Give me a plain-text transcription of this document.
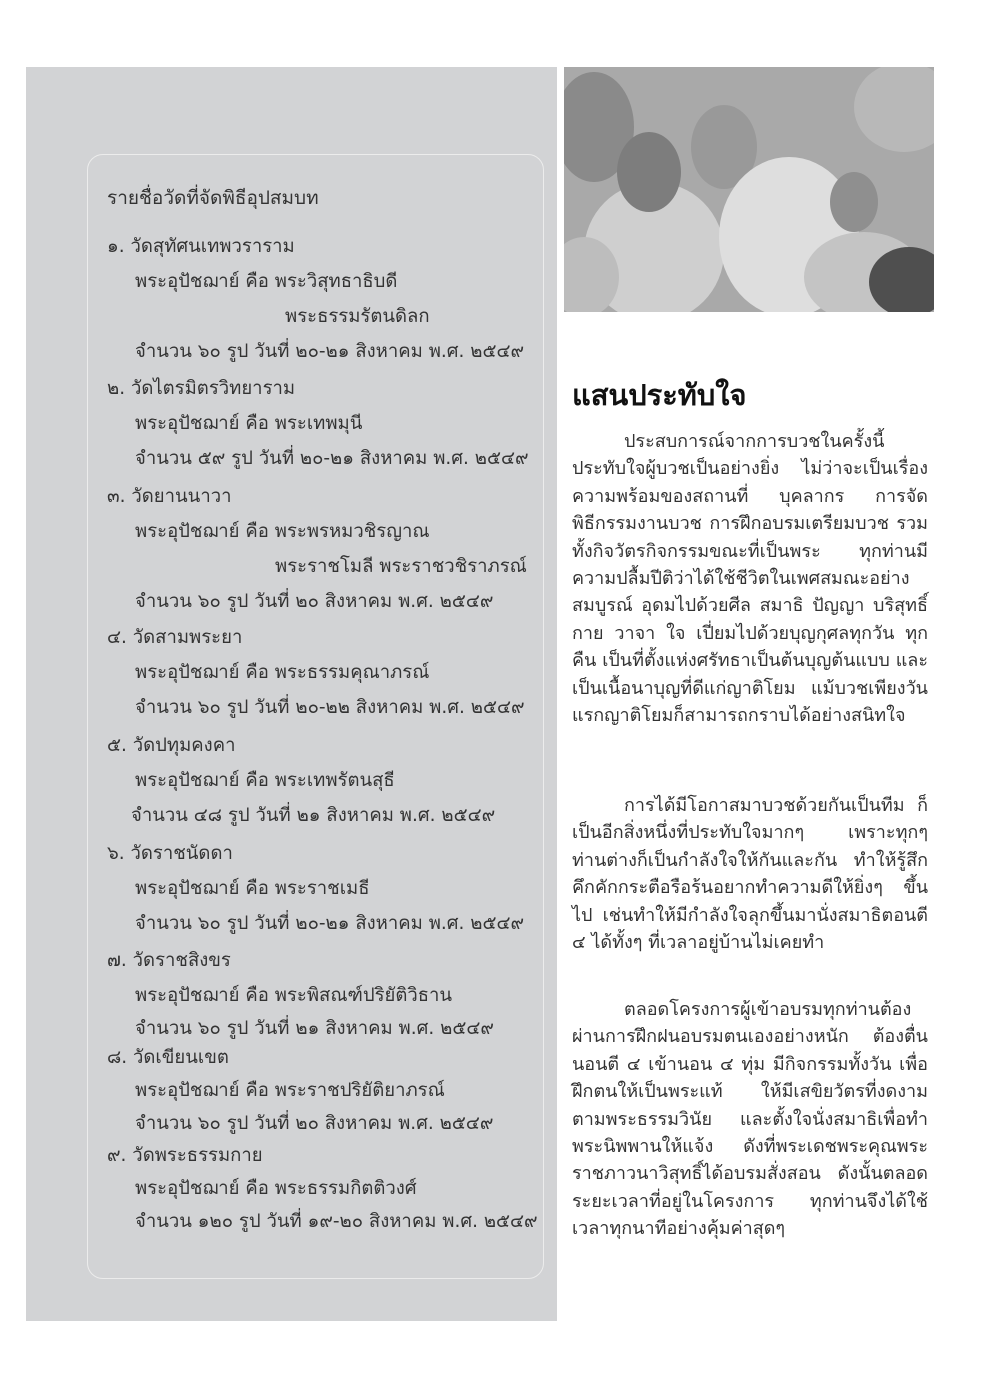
รายชื่อวัดที่จัดพิธีอุปสมบท
๑. วัดสุทัศนเทพวราราม
พระอุปัชฌาย์ คือ พระวิสุทธาธิบดี
พระธรรมรัตนดิลก
จำนวน ๖๐ รูป วันที่ ๒๐-๒๑ สิงหาคม พ.ศ. ๒๕๔๙
๒. วัดไตรมิตรวิทยาราม
พระอุปัชฌาย์ คือ พระเทพมุนี
จำนวน ๕๙ รูป วันที่ ๒๐-๒๑ สิงหาคม พ.ศ. ๒๕๔๙
๓. วัดยานนาวา
พระอุปัชฌาย์ คือ พระพรหมวชิรญาณ
พระราชโมลี พระราชวชิราภรณ์
จำนวน ๖๐ รูป วันที่ ๒๐ สิงหาคม พ.ศ. ๒๕๔๙
๔. วัดสามพระยา
พระอุปัชฌาย์ คือ พระธรรมคุณาภรณ์
จำนวน ๖๐ รูป วันที่ ๒๐-๒๒ สิงหาคม พ.ศ. ๒๕๔๙
๕. วัดปทุมคงคา
พระอุปัชฌาย์ คือ พระเทพรัตนสุธี
จำนวน ๔๘ รูป วันที่ ๒๑ สิงหาคม พ.ศ. ๒๕๔๙
๖. วัดราชนัดดา
พระอุปัชฌาย์ คือ พระราชเมธี
จำนวน ๖๐ รูป วันที่ ๒๐-๒๑ สิงหาคม พ.ศ. ๒๕๔๙
๗. วัดราชสิงขร
พระอุปัชฌาย์ คือ พระพิสณฑ์ปริยัติวิธาน
จำนวน ๖๐ รูป วันที่ ๒๑ สิงหาคม พ.ศ. ๒๕๔๙
๘. วัดเขียนเขต
พระอุปัชฌาย์ คือ พระราชปริยัติยาภรณ์
จำนวน ๖๐ รูป วันที่ ๒๐ สิงหาคม พ.ศ. ๒๕๔๙
๙. วัดพระธรรมกาย
พระอุปัชฌาย์ คือ พระธรรมกิตติวงศ์
จำนวน ๑๒๐ รูป วันที่ ๑๙-๒๐ สิงหาคม พ.ศ. ๒๕๔๙
แสนประทับใจ

ประสบการณ์จากการบวชในครั้งนี้ ประทับใจผู้บวชเป็นอย่างยิ่ง ไม่ว่าจะเป็นเรื่องความพร้อมของสถานที่ บุคลากร การจัดพิธีกรรมงานบวช การฝึกอบรมเตรียมบวช รวมทั้งกิจวัตรกิจกรรมขณะที่เป็นพระ ทุกท่านมีความปลื้มปีติว่าได้ใช้ชีวิตในเพศสมณะอย่างสมบูรณ์ อุดมไปด้วยศีล สมาธิ ปัญญา บริสุทธิ์กาย วาจา ใจ เปี่ยมไปด้วยบุญกุศลทุกวัน ทุกคืน เป็นที่ตั้งแห่งศรัทธาเป็นต้นบุญต้นแบบ และเป็นเนื้อนาบุญที่ดีแก่ญาติโยม แม้บวชเพียงวันแรกญาติโยมก็สามารถกราบได้อย่างสนิทใจ

การได้มีโอกาสมาบวชด้วยกันเป็นทีม ก็เป็นอีกสิ่งหนึ่งที่ประทับใจมากๆ เพราะทุกๆ ท่านต่างก็เป็นกำลังใจให้กันและกัน ทำให้รู้สึกคึกคักกระตือรือร้นอยากทำความดีให้ยิ่งๆ ขึ้นไป เช่นทำให้มีกำลังใจลุกขึ้นมานั่งสมาธิตอนตี ๔ ได้ทั้งๆ ที่เวลาอยู่บ้านไม่เคยทำ

ตลอดโครงการผู้เข้าอบรมทุกท่านต้องผ่านการฝึกฝนอบรมตนเองอย่างหนัก ต้องตื่นนอนตี ๔ เข้านอน ๔ ทุ่ม มีกิจกรรมทั้งวัน เพื่อฝึกตนให้เป็นพระแท้ ให้มีเสขิยวัตรที่งดงามตามพระธรรมวินัย และตั้งใจนั่งสมาธิเพื่อทำพระนิพพานให้แจ้ง ดังที่พระเดชพระคุณพระราชภาวนาวิสุทธิ์ได้อบรมสั่งสอน ดังนั้นตลอดระยะเวลาที่อยู่ในโครงการ ทุกท่านจึงได้ใช้เวลาทุกนาทีอย่างคุ้มค่าสุดๆ
